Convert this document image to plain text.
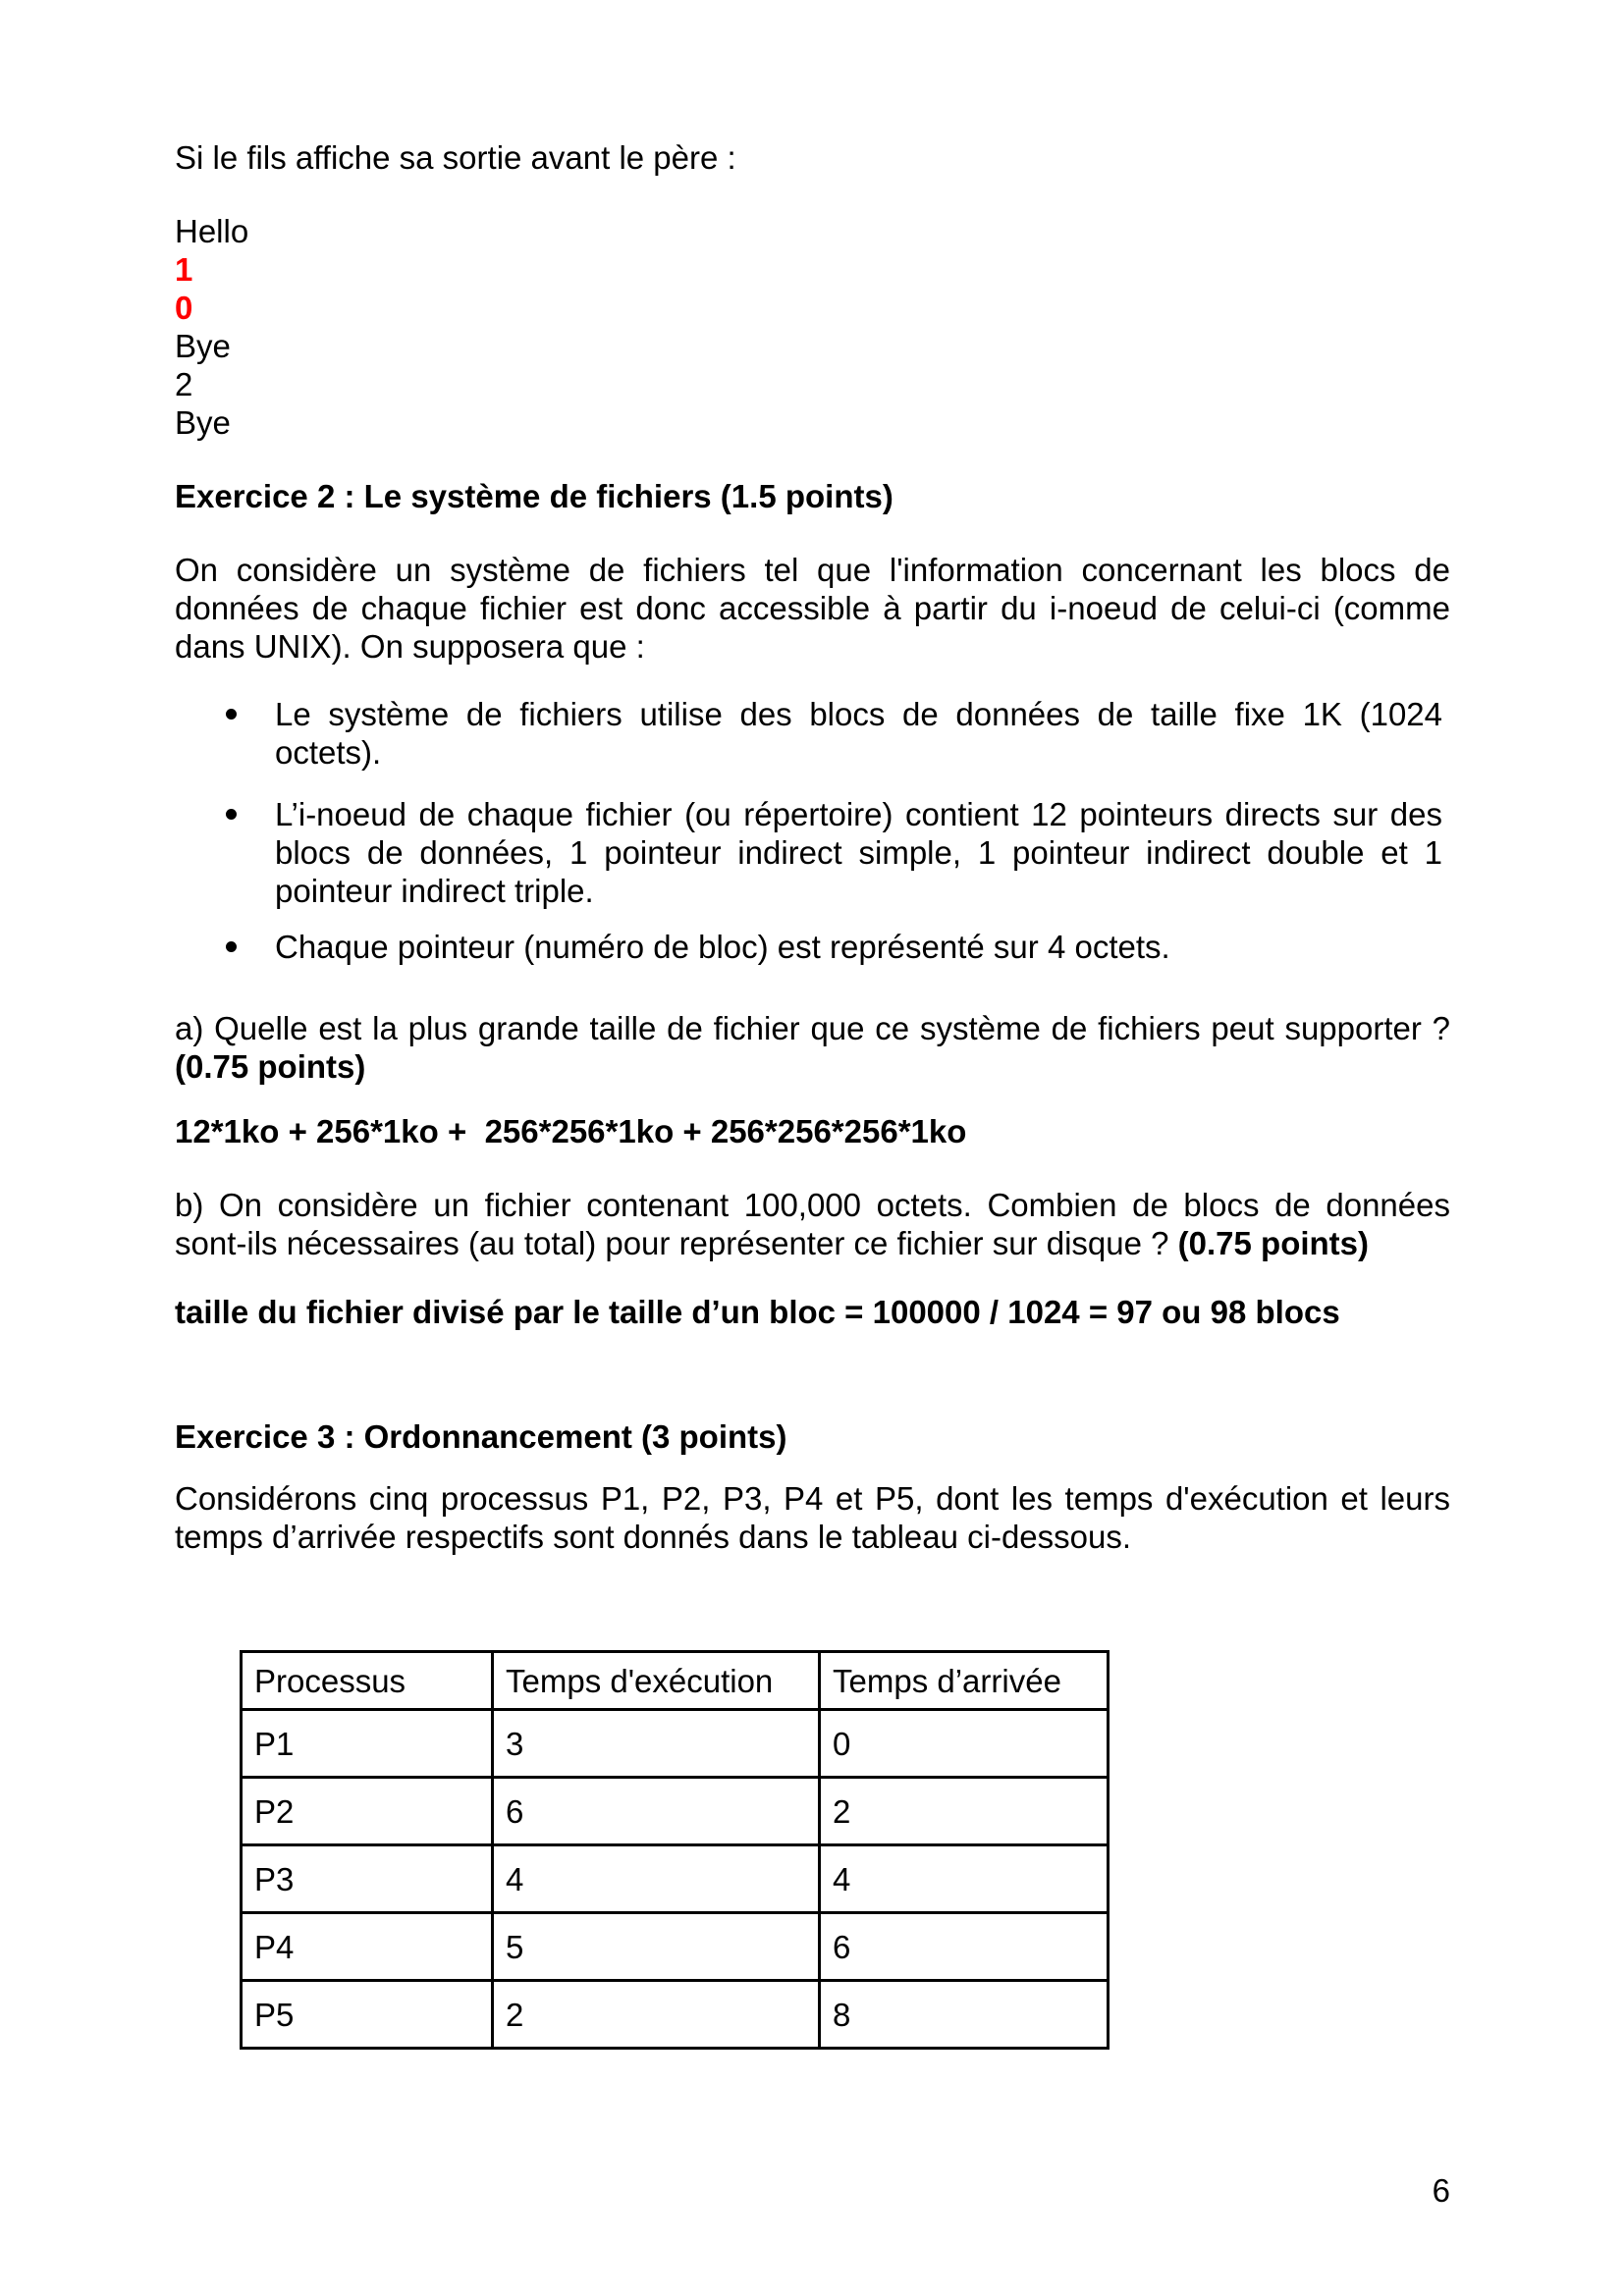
Si le fils affiche sa sortie avant le père :

Hello

1

0

Bye

2

Bye

Exercice 2 : Le système de fichiers (1.5 points)

On considère un système de fichiers tel que l'information concernant les blocs de données de chaque fichier est donc accessible à partir du i-noeud de celui-ci (comme dans UNIX). On supposera que :

Le système de fichiers utilise des blocs de données de taille fixe 1K (1024 octets).
L’i-noeud de chaque fichier (ou répertoire) contient 12 pointeurs directs sur des blocs de données, 1 pointeur indirect simple, 1 pointeur indirect double et 1 pointeur indirect triple.
Chaque pointeur (numéro de bloc) est représenté sur 4 octets.

a) Quelle est la plus grande taille de fichier que ce système de fichiers peut supporter ? (0.75 points)

12*1ko + 256*1ko +  256*256*1ko + 256*256*256*1ko

b) On considère un fichier contenant 100,000 octets. Combien de blocs de données sont-ils nécessaires (au total) pour représenter ce fichier sur disque ? (0.75 points)

taille du fichier divisé par le taille d’un bloc = 100000 / 1024 = 97 ou 98 blocs

Exercice 3 : Ordonnancement (3 points)

Considérons cinq processus P1, P2, P3, P4 et P5, dont les temps d'exécution et leurs temps d’arrivée respectifs sont donnés dans le tableau ci-dessous.

Processus	Temps d'exécution	Temps d’arrivée
P1	3	0
P2	6	2
P3	4	4
P4	5	6
P5	2	8
6
